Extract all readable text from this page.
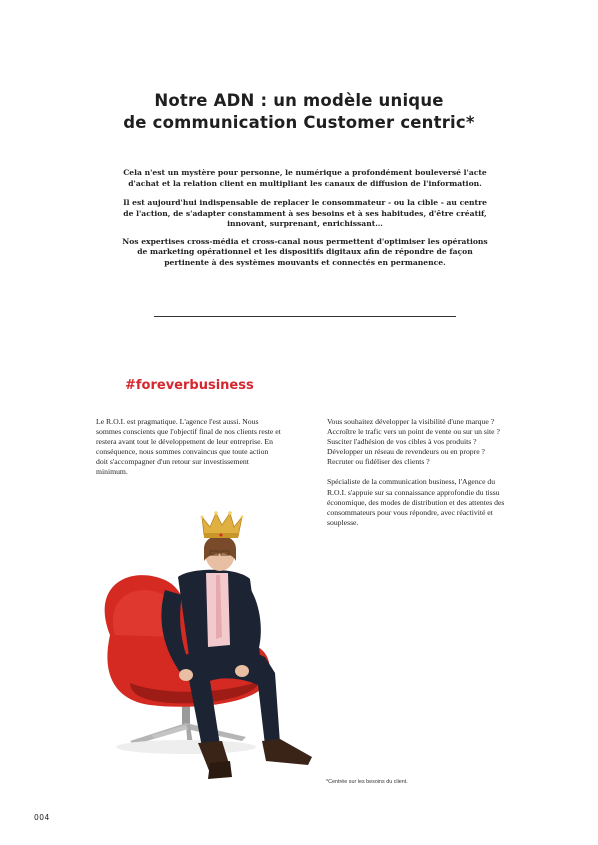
Notre ADN : un modèle unique
de communication Customer centric*

Cela n'est un mystère pour personne, le numérique a profondément bouleversé l'acte d'achat et la relation client en multipliant les canaux de diffusion de l'information.

Il est aujourd'hui indispensable de replacer le consommateur - ou la cible - au centre de l'action, de s'adapter constamment à ses besoins et à ses habitudes, d'être créatif, innovant, surprenant, enrichissant…

Nos expertises cross-média et cross-canal nous permettent d'optimiser les opérations de marketing opérationnel et les dispositifs digitaux afin de répondre de façon pertinente à des systèmes mouvants et connectés en permanence.

#foreverbusiness

Le R.O.I. est pragmatique. L'agence l'est aussi. Nous sommes conscients que l'objectif final de nos clients reste et restera avant tout le développement de leur entreprise. En conséquence, nous sommes convaincus que toute action doit s'accompagner d'un retour sur investissement minimum.

Vous souhaitez développer la visibilité d'une marque ? Accroître le trafic vers un point de vente ou sur un site ? Susciter l'adhésion de vos cibles à vos produits ? Développer un réseau de revendeurs ou en propre ? Recruter ou fidéliser des clients ?

Spécialiste de la communication business, l'Agence du R.O.I. s'appuie sur sa connaissance approfondie du tissu économique, des modes de distribution et des attentes des consommateurs pour vous répondre, avec réactivité et souplesse.

*Centrée sur les besoins du client.
004
